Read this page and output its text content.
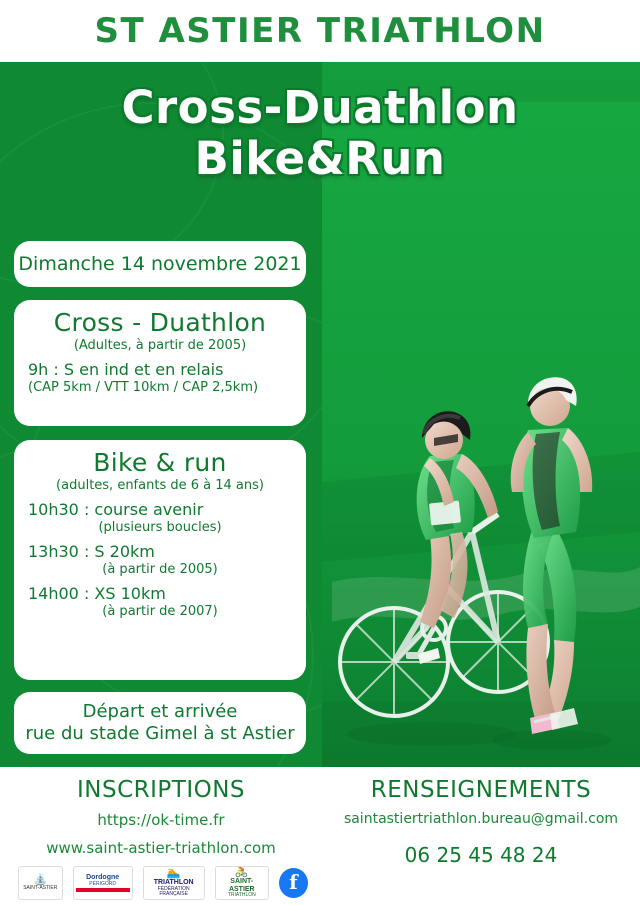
ST ASTIER TRIATHLON
Cross-Duathlon
Bike&Run
Dimanche 14 novembre 2021
Cross - Duathlon
(Adultes, à partir de 2005)
9h : S en ind et en relais
(CAP 5km / VTT 10km / CAP 2,5km)
Bike & run
(adultes, enfants de 6 à 14 ans)
10h30 : course avenir
(plusieurs boucles)
13h30 : S 20km
(à partir de 2005)
14h00 : XS 10km
(à partir de 2007)
Départ et arrivée
rue du stade Gimel à st Astier
INSCRIPTIONS
https://ok-time.fr
www.saint-astier-triathlon.com
⛲
SAINT-ASTIER
Dordogne
PÉRIGORD
🏊
TRIATHLON
FÉDÉRATION FRANÇAISE
🚴
SAINT-ASTIER
TRIATHLON
f
RENSEIGNEMENTS
saintastiertriathlon.bureau@gmail.com
06 25 45 48 24
